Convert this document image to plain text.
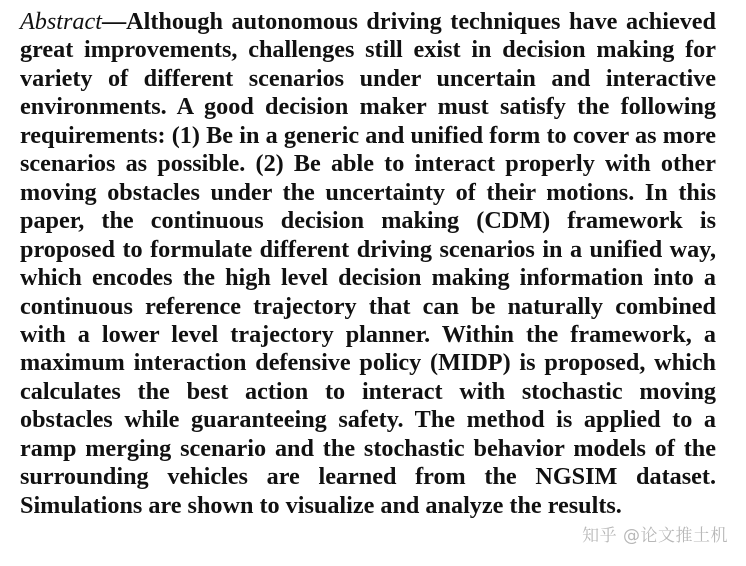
Abstract—Although autonomous driving techniques have achieved great improvements, challenges still exist in decision making for variety of different scenarios under uncertain and interactive environments. A good decision maker must satisfy the following requirements: (1) Be in a generic and unified form to cover as more scenarios as possible. (2) Be able to interact properly with other moving obstacles under the uncertainty of their motions. In this paper, the continuous decision making (CDM) framework is proposed to formulate different driving scenarios in a unified way, which encodes the high level decision making information into a continuous reference trajectory that can be naturally combined with a lower level trajectory planner. Within the framework, a maximum interaction defensive policy (MIDP) is proposed, which calculates the best action to interact with stochastic moving obstacles while guaranteeing safety. The method is applied to a ramp merging scenario and the stochastic behavior models of the surrounding vehicles are learned from the NGSIM dataset. Simulations are shown to visualize and analyze the results.

知乎 @论文推土机
